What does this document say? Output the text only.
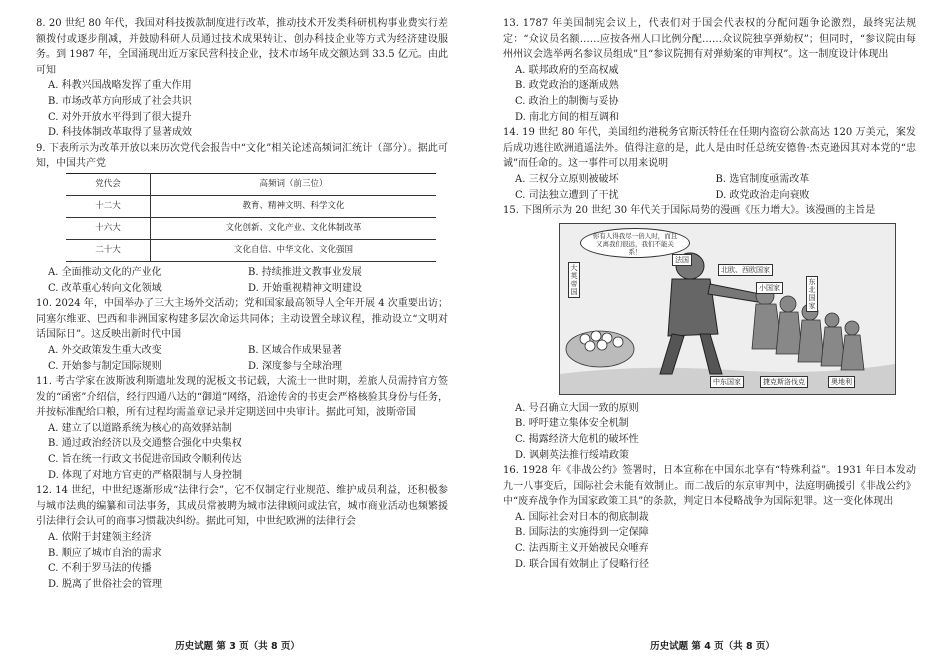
8. 20 世纪 80 年代，我国对科技拨款制度进行改革，推动技术开发类科研机构事业费实行差额拨付或逐步削减，并鼓励科研人员通过技术成果转让、创办科技企业等方式为经济建设服务。到 1987 年，全国涌现出近万家民营科技企业，技术市场年成交额达到 33.5 亿元。由此可知
A. 科教兴国战略发挥了重大作用
B. 市场改革方向形成了社会共识
C. 对外开放水平得到了很大提升
D. 科技体制改革取得了显著成效
9. 下表所示为改革开放以来历次党代会报告中“文化”相关论述高频词汇统计（部分）。据此可知，中国共产党
党代会	高频词（前三位）
十二大	教育、精神文明、科学文化
十六大	文化创新、文化产业、文化体制改革
二十大	文化自信、中华文化、文化强国
A. 全面推动文化的产业化	B. 持续推进文教事业发展
C. 改革重心转向文化领域	D. 开始重视精神文明建设
10. 2024 年，中国举办了三大主场外交活动；党和国家最高领导人全年开展 4 次重要出访；同塞尔维亚、巴西和非洲国家构建多层次命运共同体；主动设置全球议程，推动设立“文明对话国际日”。这反映出新时代中国
A. 外交政策发生重大改变	B. 区域合作成果显著
C. 开始参与制定国际规则	D. 深度参与全球治理
11. 考古学家在波斯波利斯遗址发现的泥板文书记载，大流士一世时期，差旅人员需持官方签发的“函密”介绍信，经行四通八达的“御道”网络，沿途传舍的书吏会严格核验其身份与任务，并按标准配给口粮，所有过程均需盖章记录并定期送回中央审计。据此可知，波斯帝国
A. 建立了以道路系统为核心的高效驿站制
B. 通过政治经济以及交通整合强化中央集权
C. 旨在统一行政文书促进帝国政令顺利传达
D. 体现了对地方官吏的严格限制与人身控制
12. 14 世纪，中世纪逐渐形成“法律行会”，它不仅制定行业规范、维护成员利益，还积极参与城市法典的编纂和司法事务，其成员常被聘为城市法律顾问或法官，城市商业活动也频繁援引法律行会认可的商事习惯裁决纠纷。据此可知，中世纪欧洲的法律行会
A. 依附于封建领主经济
B. 顺应了城市自治的需求
C. 不利于罗马法的传播
D. 脱离了世俗社会的管理
历史试题 第 3 页（共 8 页）
13. 1787 年美国制宪会议上，代表们对于国会代表权的分配问题争论激烈，最终宪法规定：“众议员名额……应按各州人口比例分配……众议院独享弹劾权”；但同时，“参议院由每州州议会选举两名参议员组成”且“参议院拥有对弹劾案的审判权”。这一制度设计体现出
A. 联邦政府的至高权威
B. 政党政治的逐渐成熟
C. 政治上的制衡与妥协
D. 南北方间的相互调和
14. 19 世纪 80 年代，美国纽约港税务官斯沃特任在任期内盗窃公款高达 120 万美元，案发后成功逃往欧洲逍遥法外。值得注意的是，此人是由时任总统安德鲁·杰克逊因其对本党的“忠诚”而任命的。这一事件可以用来说明
A. 三权分立原则被破坏	B. 选官制度亟需改革
C. 司法独立遭到了干扰	D. 政党政治走向衰败
15. 下图所示为 20 世纪 30 年代关于国际局势的漫画《压力增大》。该漫画的主旨是
你有人得我尽一倍人时，而且又离我们很远，我们不能关系！
法国
北欧、西欧国家
小国家
大英帝国
东北国家
中东国家	捷克斯洛伐克	奥地利
A. 号召确立大国一致的原则
B. 呼吁建立集体安全机制
C. 揭露经济大危机的破坏性
D. 讽刺英法推行绥靖政策
16. 1928 年《非战公约》签署时，日本宣称在中国东北享有“特殊利益”。1931 年日本发动九一八事变后，国际社会未能有效制止。而二战后的东京审判中，法庭明确援引《非战公约》中“废弃战争作为国家政策工具”的条款，判定日本侵略战争为国际犯罪。这一变化体现出
A. 国际社会对日本的彻底制裁
B. 国际法的实施得到一定保障
C. 法西斯主义开始被民众唾弃
D. 联合国有效制止了侵略行径
历史试题 第 4 页（共 8 页）
